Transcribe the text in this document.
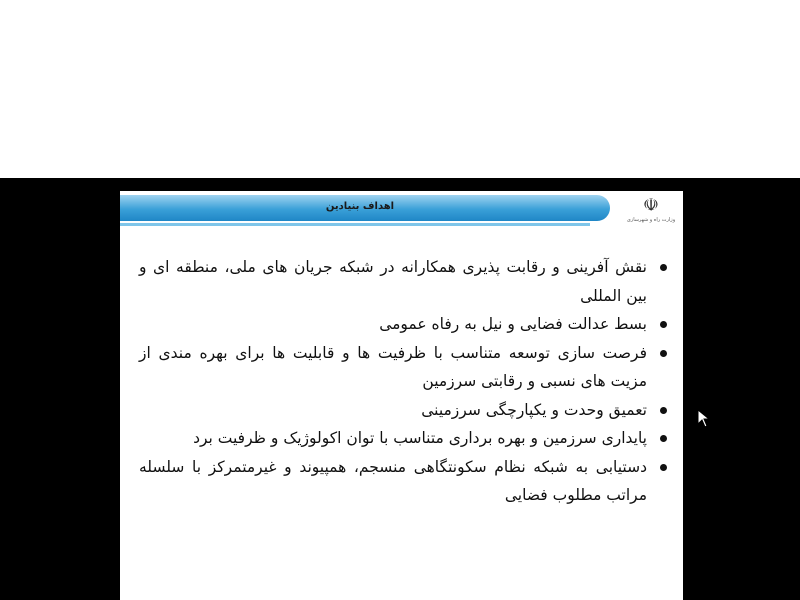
اهداف بنیادین	☫
وزارت راه و شهرسازی
نقش آفرینی و رقابت پذیری همکارانه در شبکه جریان های ملی، منطقه ای و بین المللی
بسط عدالت فضایی و نیل به رفاه عمومی
فرصت سازی توسعه متناسب با ظرفیت ها و قابلیت ها برای بهره مندی از مزیت های نسبی و رقابتی سرزمین
تعمیق وحدت و یکپارچگی سرزمینی
پایداری سرزمین و بهره برداری متناسب با توان اکولوژیک و ظرفیت برد
دستیابی به شبکه نظام سکونتگاهی منسجم، همپیوند و غیرمتمرکز با سلسله مراتب مطلوب فضایی
